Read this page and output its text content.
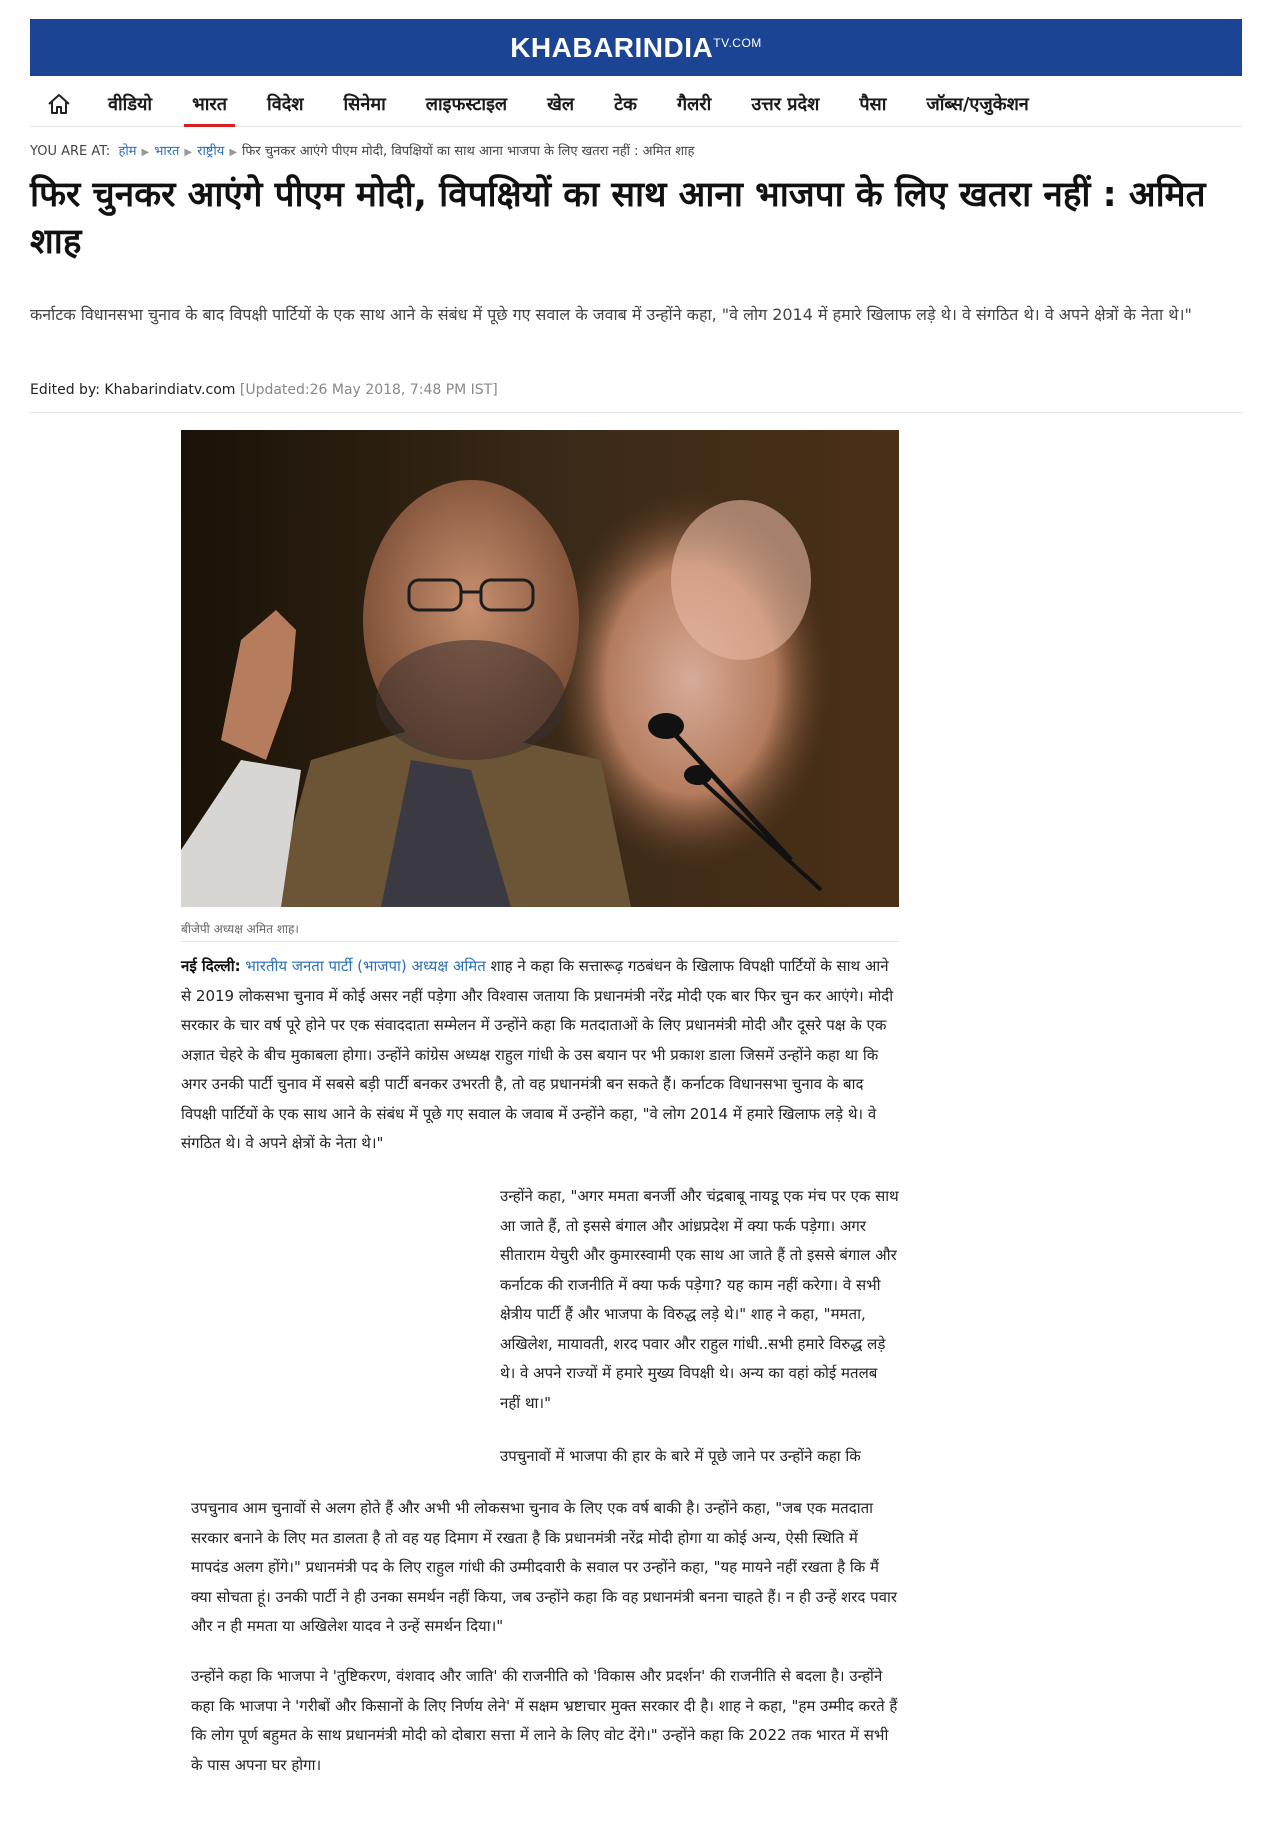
$KHABARINDIA^{TV.COM}$
वीडियो	भारत	विदेश	सिनेमा	लाइफस्टाइल	खेल	टेक	गैलरी	उत्तर प्रदेश	पैसा	जॉब्स/एजुकेशन
YOU ARE AT: होम ▶ भारत ▶ राष्ट्रीय ▶ फिर चुनकर आएंगे पीएम मोदी, विपक्षियों का साथ आना भाजपा के लिए खतरा नहीं : अमित शाह
फिर चुनकर आएंगे पीएम मोदी, विपक्षियों का साथ आना भाजपा के लिए खतरा नहीं : अमित शाह
कर्नाटक विधानसभा चुनाव के बाद विपक्षी पार्टियों के एक साथ आने के संबंध में पूछे गए सवाल के जवाब में उन्होंने कहा, "वे लोग 2014 में हमारे खिलाफ लड़े थे। वे संगठित थे। वे अपने क्षेत्रों के नेता थे।"
Edited by: Khabarindiatv.com [Updated:26 May 2018, 7:48 PM IST]
बीजेपी अध्यक्ष अमित शाह।
नई दिल्ली: भारतीय जनता पार्टी (भाजपा) अध्यक्ष अमित शाह ने कहा कि सत्तारूढ़ गठबंधन के खिलाफ विपक्षी पार्टियों के साथ आने से 2019 लोकसभा चुनाव में कोई असर नहीं पड़ेगा और विश्वास जताया कि प्रधानमंत्री नरेंद्र मोदी एक बार फिर चुन कर आएंगे। मोदी सरकार के चार वर्ष पूरे होने पर एक संवाददाता सम्मेलन में उन्होंने कहा कि मतदाताओं के लिए प्रधानमंत्री मोदी और दूसरे पक्ष के एक अज्ञात चेहरे के बीच मुकाबला होगा। उन्होंने कांग्रेस अध्यक्ष राहुल गांधी के उस बयान पर भी प्रकाश डाला जिसमें उन्होंने कहा था कि अगर उनकी पार्टी चुनाव में सबसे बड़ी पार्टी बनकर उभरती है, तो वह प्रधानमंत्री बन सकते हैं। कर्नाटक विधानसभा चुनाव के बाद विपक्षी पार्टियों के एक साथ आने के संबंध में पूछे गए सवाल के जवाब में उन्होंने कहा, "वे लोग 2014 में हमारे खिलाफ लड़े थे। वे संगठित थे। वे अपने क्षेत्रों के नेता थे।"
उन्होंने कहा, "अगर ममता बनर्जी और चंद्रबाबू नायडू एक मंच पर एक साथ आ जाते हैं, तो इससे बंगाल और आंध्रप्रदेश में क्या फर्क पड़ेगा। अगर सीताराम येचुरी और कुमारस्वामी एक साथ आ जाते हैं तो इससे बंगाल और कर्नाटक की राजनीति में क्या फर्क पड़ेगा? यह काम नहीं करेगा। वे सभी क्षेत्रीय पार्टी हैं और भाजपा के विरुद्ध लड़े थे।" शाह ने कहा, "ममता, अखिलेश, मायावती, शरद पवार और राहुल गांधी..सभी हमारे विरुद्ध लड़े थे। वे अपने राज्यों में हमारे मुख्य विपक्षी थे। अन्य का वहां कोई मतलब नहीं था।"
उपचुनावों में भाजपा की हार के बारे में पूछे जाने पर उन्होंने कहा कि
उपचुनाव आम चुनावों से अलग होते हैं और अभी भी लोकसभा चुनाव के लिए एक वर्ष बाकी है। उन्होंने कहा, "जब एक मतदाता सरकार बनाने के लिए मत डालता है तो वह यह दिमाग में रखता है कि प्रधानमंत्री नरेंद्र मोदी होगा या कोई अन्य, ऐसी स्थिति में मापदंड अलग होंगे।" प्रधानमंत्री पद के लिए राहुल गांधी की उम्मीदवारी के सवाल पर उन्होंने कहा, "यह मायने नहीं रखता है कि मैं क्या सोचता हूं। उनकी पार्टी ने ही उनका समर्थन नहीं किया, जब उन्होंने कहा कि वह प्रधानमंत्री बनना चाहते हैं। न ही उन्हें शरद पवार और न ही ममता या अखिलेश यादव ने उन्हें समर्थन दिया।"
उन्होंने कहा कि भाजपा ने 'तुष्टिकरण, वंशवाद और जाति' की राजनीति को 'विकास और प्रदर्शन' की राजनीति से बदला है। उन्होंने कहा कि भाजपा ने 'गरीबों और किसानों के लिए निर्णय लेने' में सक्षम भ्रष्टाचार मुक्त सरकार दी है। शाह ने कहा, "हम उम्मीद करते हैं कि लोग पूर्ण बहुमत के साथ प्रधानमंत्री मोदी को दोबारा सत्ता में लाने के लिए वोट देंगे।" उन्होंने कहा कि 2022 तक भारत में सभी के पास अपना घर होगा।
